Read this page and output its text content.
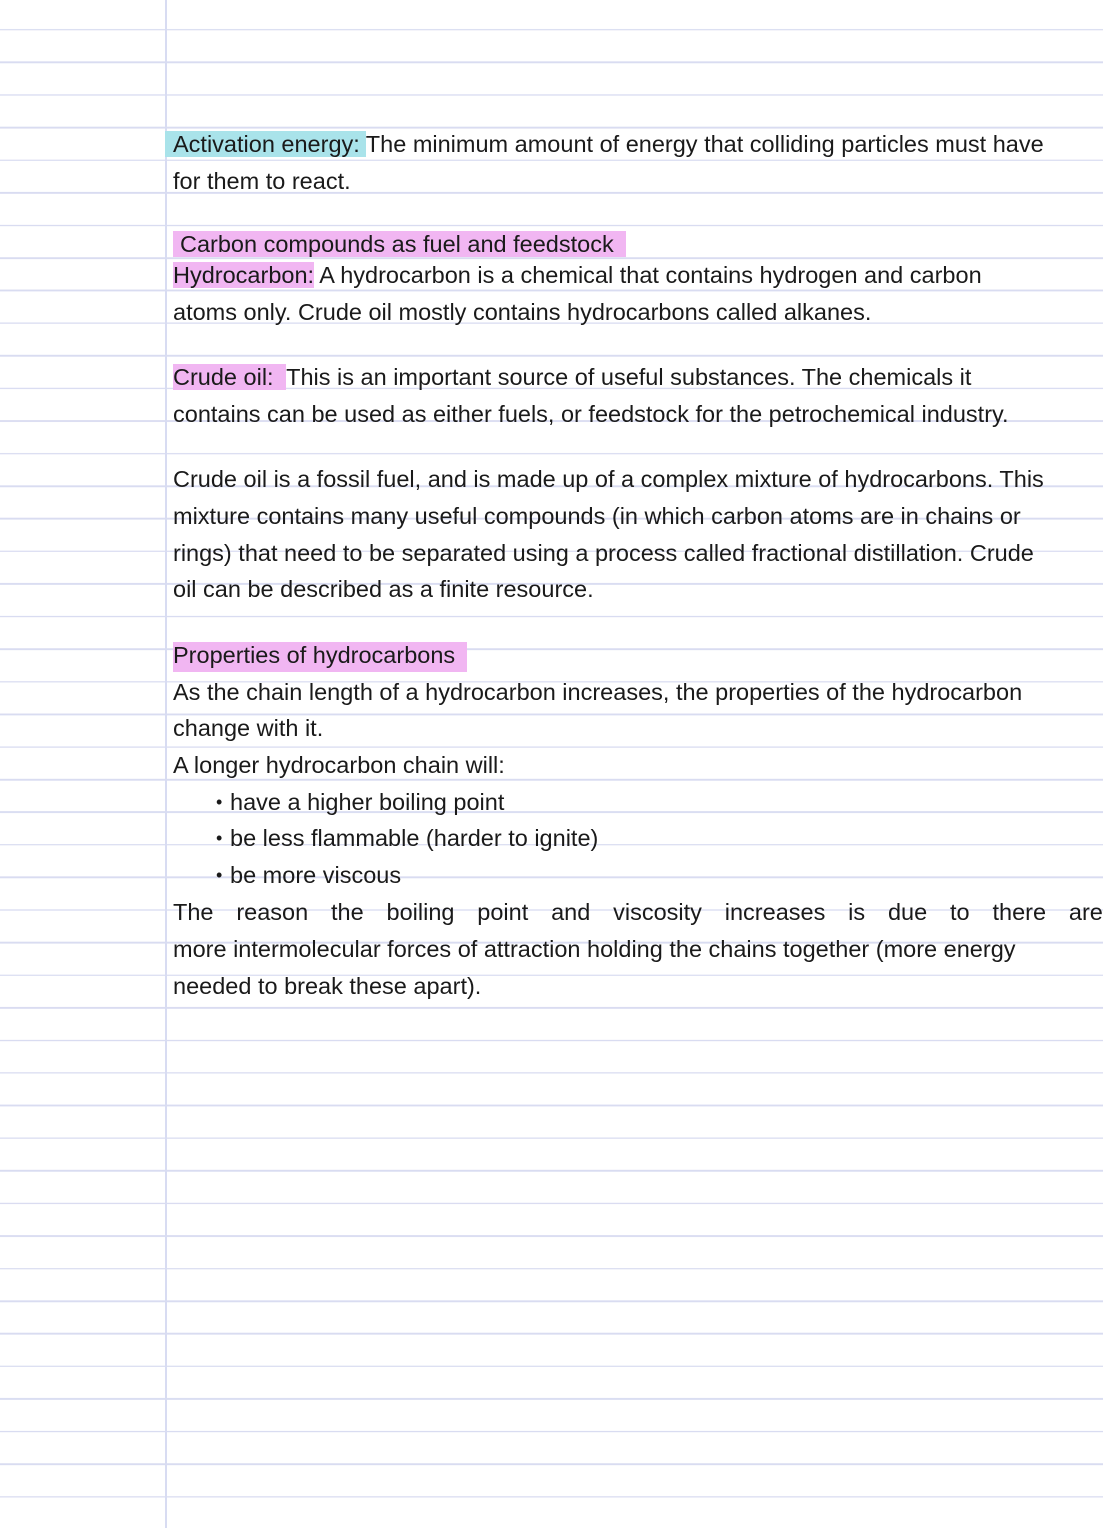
Activation energy: The minimum amount of energy that colliding particles must have
for them to react.
Carbon compounds as fuel and feedstock
Hydrocarbon: A hydrocarbon is a chemical that contains hydrogen and carbon
atoms only. Crude oil mostly contains hydrocarbons called alkanes.
Crude oil: This is an important source of useful substances. The chemicals it
contains can be used as either fuels, or feedstock for the petrochemical industry.
Crude oil is a fossil fuel, and is made up of a complex mixture of hydrocarbons. This
mixture contains many useful compounds (in which carbon atoms are in chains or
rings) that need to be separated using a process called fractional distillation. Crude
oil can be described as a finite resource.
Properties of hydrocarbons
As the chain length of a hydrocarbon increases, the properties of the hydrocarbon
change with it.
A longer hydrocarbon chain will:
• have a higher boiling point
• be less flammable (harder to ignite)
• be more viscous
The reason the boiling point and viscosity increases is due to there are
more intermolecular forces of attraction holding the chains together (more energy
needed to break these apart).
